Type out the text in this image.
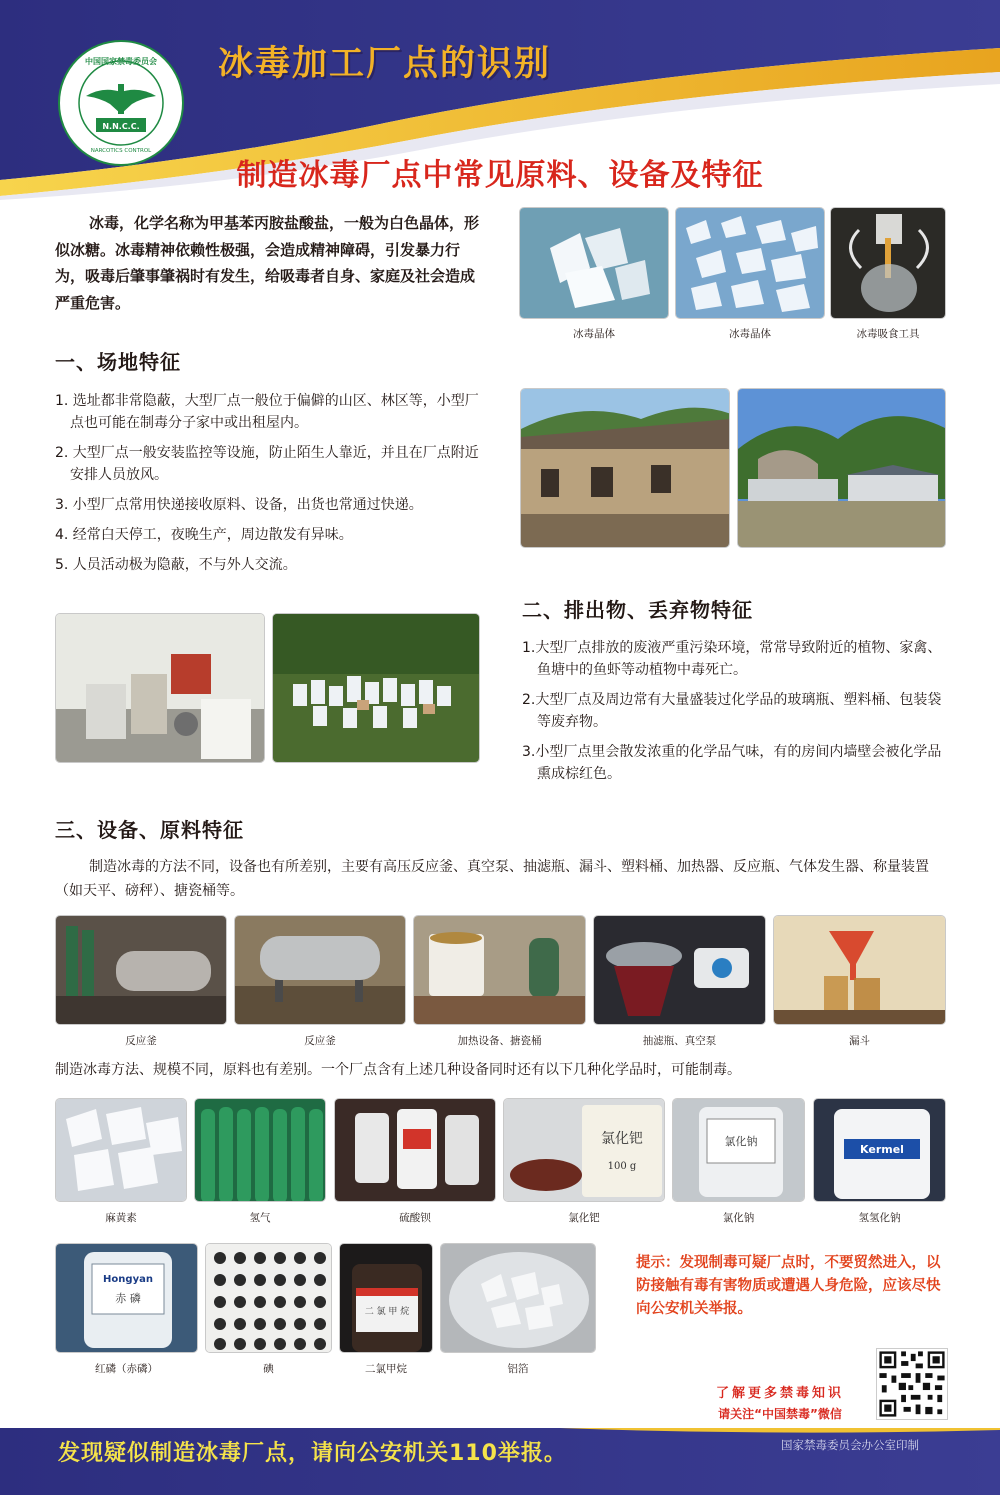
中国国家禁毒委员会
NARCOTICS CONTROL
N.N.C.C.
冰毒加工厂点的识别
制造冰毒厂点中常见原料、设备及特征

冰毒，化学名称为甲基苯丙胺盐酸盐，一般为白色晶体，形似冰糖。冰毒精神依赖性极强，会造成精神障碍，引发暴力行为，吸毒后肇事肇祸时有发生，给吸毒者自身、家庭及社会造成严重危害。

冰毒晶体	冰毒晶体	冰毒吸食工具
一、场地特征
1. 选址都非常隐蔽，大型厂点一般位于偏僻的山区、林区等，小型厂点也可能在制毒分子家中或出租屋内。
2. 大型厂点一般安装监控等设施，防止陌生人靠近，并且在厂点附近安排人员放风。
3. 小型厂点常用快递接收原料、设备，出货也常通过快递。
4. 经常白天停工，夜晚生产，周边散发有异味。
5. 人员活动极为隐蔽，不与外人交流。
二、排出物、丢弃物特征
1.大型厂点排放的废液严重污染环境，常常导致附近的植物、家禽、鱼塘中的鱼虾等动植物中毒死亡。
2.大型厂点及周边常有大量盛装过化学品的玻璃瓶、塑料桶、包装袋等废弃物。
3.小型厂点里会散发浓重的化学品气味，有的房间内墙壁会被化学品熏成棕红色。
三、设备、原料特征

制造冰毒的方法不同，设备也有所差别，主要有高压反应釜、真空泵、抽滤瓶、漏斗、塑料桶、加热器、反应瓶、气体发生器、称量装置（如天平、磅秤）、搪瓷桶等。

反应釜	反应釜	加热设备、搪瓷桶	抽滤瓶、真空泵	漏斗

制造冰毒方法、规模不同，原料也有差别。一个厂点含有上述几种设备同时还有以下几种化学品时，可能制毒。

氯化钯
100 g
氯化钠
Kermel
麻黄素	氢气	硫酸钡	氯化钯	氯化钠	氢氢化钠
Hongyan
赤 磷
二 氯 甲 烷
红磷（赤磷）	碘	二氯甲烷	铝箔

提示：发现制毒可疑厂点时，不要贸然进入，以防接触有毒有害物质或遭遇人身危险，应该尽快向公安机关举报。

了解更多禁毒知识
请关注“中国禁毒”微信
发现疑似制造冰毒厂点，请向公安机关110举报。	国家禁毒委员会办公室印制
